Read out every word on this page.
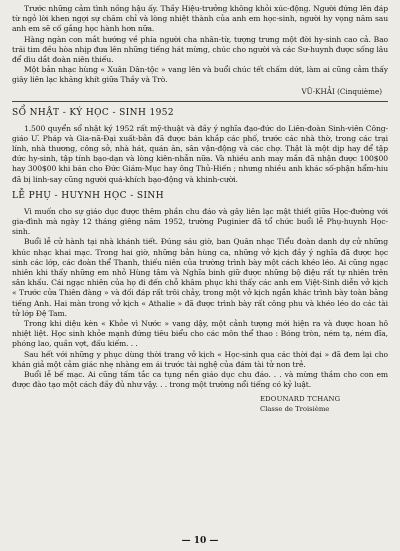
Trước những cảm tình nồng hậu ấy. Thầy Hiệu-trưởng không khỏi xúc-động. Người đứng lên đáp từ ngỏ lời khen ngợi sự chăm chỉ và lòng nhiệt thành của anh em học-sinh, người hy vọng năm sau anh em sẽ cố gắng học hành hơn nữa.

Hàng ngàn con mắt hướng về phía người cha nhân-từ, tượng trưng một đời hy-sinh cao cả. Bao trái tim đều hòa nhịp đưa lên những tiếng hát mừng, chúc cho người và các Sư-huynh được sống lâu để dìu dắt đoàn niên thiếu.

Một bản nhạc hùng « Xuân Dân-tộc » vang lên và buổi chúc tết chấm dứt, làm ai cũng cảm thấy giây liên lạc khăng khít giữa Thầy và Trò.

VŨ-KHẢI (Cinquième)
SỔ NHẬT - KÝ HỌC - SINH 1952

1.500 quyển sổ nhật ký 1952 rất mỹ-thuật và đầy ý nghĩa đạo-đức do Liên-đoàn Sinh-viên Công-giáo Ư. Pháp và Gia-nã-Đại xuất-bản đã được bán khắp các phố, trước các nhà thờ, trong các trại lính, nhà thương, công sở, nhà hát, quán ăn, sân vận-động và các chợ. Thật là một dịp hay để tập đức hy-sinh, tập tính bạo-dạn và lòng kiên-nhẫn nữa. Và nhiều anh may mắn đã nhận được 100$00 hay 300$00 khi bán cho Đức Giám-Mục hay ông Thủ-Hiến ; nhưng nhiều anh khác số-phận hẩm-hiu đã bị linh-say cũng người quá-khích bạo-động và khinh-cười.

LỄ PHỤ - HUYNH HỌC - SINH

Vì muốn cho sự giáo dục được thêm phần chu đáo và gây liên lạc mật thiết giữa Học-đường với gia-đình mà ngày 12 tháng giêng năm 1952, trường Puginier đã tổ chức buổi lễ Phụ-huynh Học-sinh.

Buổi lễ cử hành tại nhà khánh tiết. Đúng sáu giờ, ban Quân nhạc Tiểu đoàn danh dự cử những khúc nhạc khai mạc. Trong hai giờ, những bản hùng ca, những vở kịch đầy ý nghĩa đã được học sinh các lớp, các đoàn thể Thanh, thiếu niên của trường trình bày một cách khéo léo. Ai cũng ngạc nhiên khi thấy những em nhỏ Hùng tâm và Nghĩa binh giữ được những bộ điệu rất tự nhiên trên sân khấu. Cái ngạc nhiên của họ đi đến chỗ khâm phục khi thấy các anh em Việt-Sinh diễn vở kịch « Trước cửa Thiên đàng » và đối đáp rất trôi chảy, trong một vở kịch ngắn khác trình bày toàn bằng tiếng Anh. Hai màn trong vở kịch « Athalie » đã được trình bày rất công phu và khéo léo do các tài tử lớp Đệ Tam.

Trong khi diệu kèn « Khỏe vì Nước » vang dậy, một cảnh tượng mới hiện ra và được hoan hô nhiệt liệt. Học sinh khỏe mạnh đứng tiêu biểu cho các môn thể thao : Bóng tròn, ném tạ, ném đĩa, phóng lao, quần vợt, đấu kiếm. . .

Sau hết với những y phục dùng thời trang vở kịch « Học-sinh qua các thời đại » đã đem lại cho khán giả một cảm giác nhẹ nhàng em ái trước tài nghệ của đám tài tử non trẻ.

Buổi lễ bế mạc. Ai cũng tấm tắc ca tụng nền giáo dục chu đáo. . . và mừng thầm cho con em được đào tạo một cách đầy đủ như vậy. . . trong một trường nổi tiếng có kỷ luật.

EDOUNARD TCHANG
Classe de Troisième
— 10 —
